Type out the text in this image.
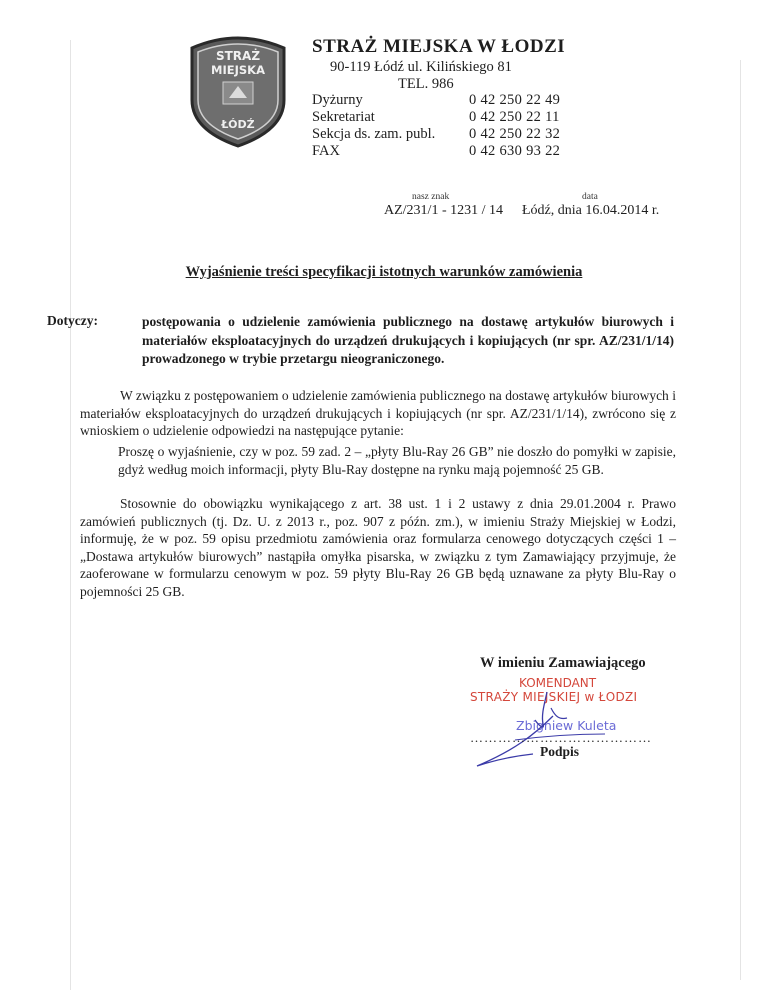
STRAŻ
MIEJSKA
ŁÓDŹ
STRAŻ MIEJSKA W ŁODZI
90-119 Łódź ul. Kilińskiego 81
TEL. 986
Dyżurny	0 42 250 22 49
Sekretariat	0 42 250 22 11
Sekcja ds. zam. publ. 0 42 250 22 32
FAX	0 42 630 93 22
nasz znak
AZ/231/1 - 1231 / 14
data
Łódź, dnia 16.04.2014 r.
Wyjaśnienie treści specyfikacji istotnych warunków zamówienia
Dotyczy:	postępowania o udzielenie zamówienia publicznego na dostawę artykułów biurowych i materiałów eksploatacyjnych do urządzeń drukujących i kopiujących (nr spr. AZ/231/1/14) prowadzonego w trybie przetargu nieograniczonego.
W związku z postępowaniem o udzielenie zamówienia publicznego na dostawę artykułów biurowych i materiałów eksploatacyjnych do urządzeń drukujących i kopiujących (nr spr. AZ/231/1/14), zwrócono się z wnioskiem o udzielenie odpowiedzi na następujące pytanie:
Proszę o wyjaśnienie, czy w poz. 59 zad. 2 – „płyty Blu-Ray 26 GB” nie doszło do pomyłki w zapisie, gdyż według moich informacji, płyty Blu-Ray dostępne na rynku mają pojemność 25 GB.
Stosownie do obowiązku wynikającego z art. 38 ust. 1 i 2 ustawy z dnia 29.01.2004 r. Prawo zamówień publicznych (tj. Dz. U. z 2013 r., poz. 907 z późn. zm.), w imieniu Straży Miejskiej w Łodzi, informuję, że w poz. 59 opisu przedmiotu zamówienia oraz formularza cenowego dotyczących części 1 – „Dostawa artykułów biurowych” nastąpiła omyłka pisarska, w związku z tym Zamawiający przyjmuje, że zaoferowane w formularzu cenowym w poz. 59 płyty Blu-Ray 26 GB będą uznawane za płyty Blu-Ray o pojemności 25 GB.
W imieniu Zamawiającego
KOMENDANT
STRAŻY MIEJSKIEJ w ŁODZI
Zbigniew Kuleta
…………………………………
Podpis
